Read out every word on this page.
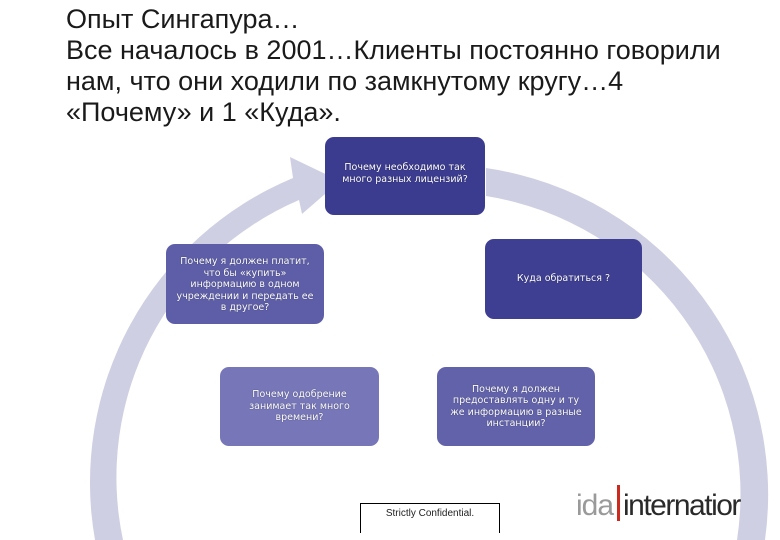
Опыт Сингапура…
Все началось в 2001…Клиенты постоянно говорили
нам, что они ходили по замкнутому кругу…4
«Почему» и 1 «Куда».
Почему необходимо так
много разных лицензий?
Почему я должен платит,
что бы «купить»
информацию в одном
учреждении и передать ее
в другое?
Куда обратиться ?
Почему одобрение
занимает так много
времени?
Почему я должен
предоставлять одну и ту
же информацию в разные
инстанции?
Strictly Confidential.	ida internatior
